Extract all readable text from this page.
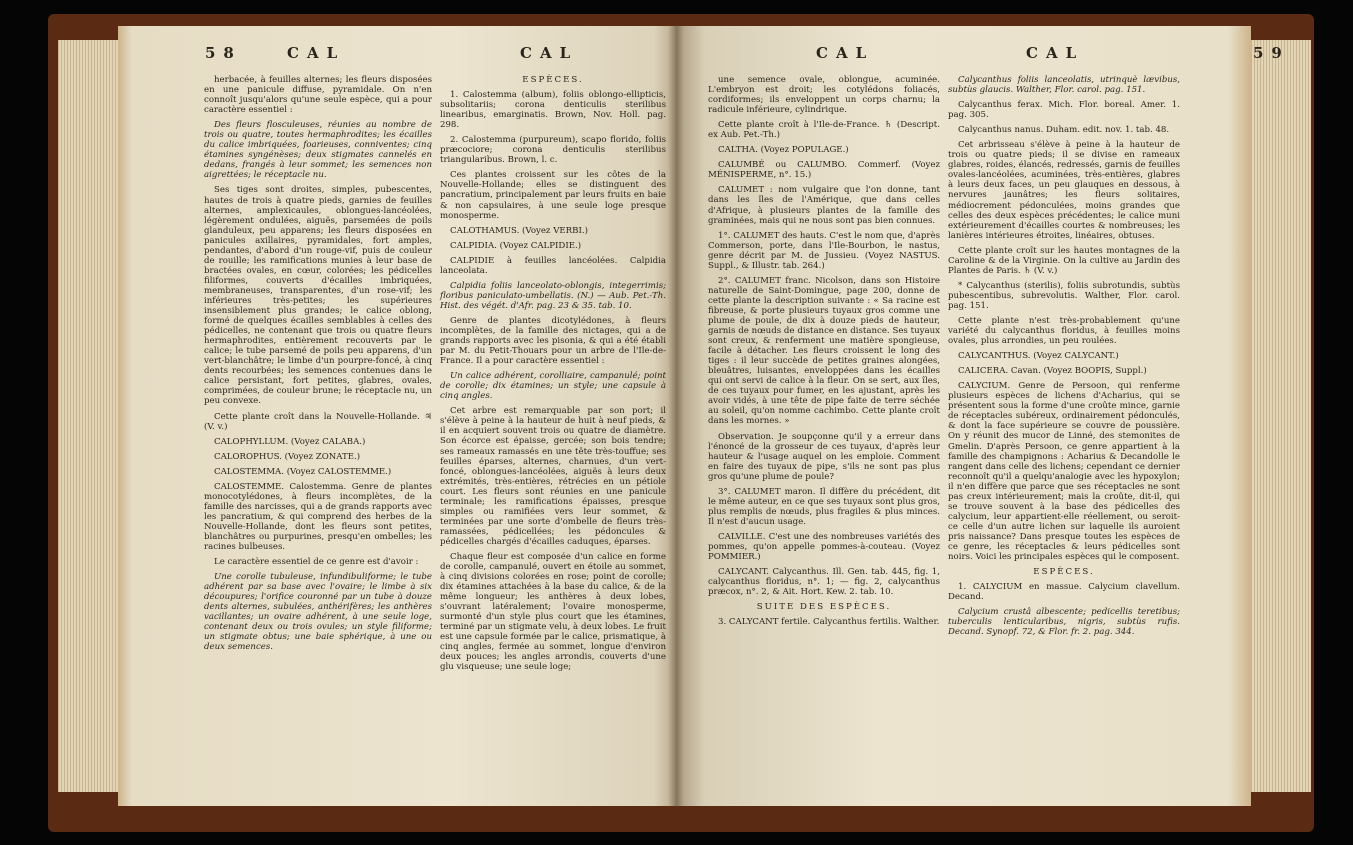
58	CAL	CAL	CAL	CAL	59

herbacée, à feuilles alternes; les fleurs disposées en une panicule diffuse, pyramidale. On n'en connoît jusqu'alors qu'une seule espèce, qui a pour caractère essentiel :

Des fleurs flosculeuses, réunies au nombre de trois ou quatre, toutes hermaphrodites; les écailles du calice imbriquées, foarieuses, conniventes; cinq étamines syngénèses; deux stigmates cannelés en dedans, frangés à leur sommet; les semences non aigrettées; le réceptacle nu.

Ses tiges sont droites, simples, pubescentes, hautes de trois à quatre pieds, garnies de feuilles alternes, amplexicaules, oblongues-lancéolées, légèrement ondulées, aiguës, parsemées de poils glanduleux, peu apparens; les fleurs disposées en panicules axillaires, pyramidales, fort amples, pendantes, d'abord d'un rouge-vif, puis de couleur de rouille; les ramifications munies à leur base de bractées ovales, en cœur, colorées; les pédicelles filiformes, couverts d'écailles imbriquées, membraneuses, transparentes, d'un rose-vif; les inférieures très-petites; les supérieures insensiblement plus grandes; le calice oblong, formé de quelques écailles semblables à celles des pédicelles, ne contenant que trois ou quatre fleurs hermaphrodites, entièrement recouverts par le calice; le tube parsemé de poils peu apparens, d'un vert-blanchâtre; le limbe d'un pourpre-foncé, à cinq dents recourbées; les semences contenues dans le calice persistant, fort petites, glabres, ovales, comprimées, de couleur brune; le réceptacle nu, un peu convexe.

Cette plante croît dans la Nouvelle-Hollande. ♃ (V. v.)

CALOPHYLLUM. (Voyez CALABA.)

CALOROPHUS. (Voyez ZONATE.)

CALOSTEMMA. (Voyez CALOSTEMME.)

CALOSTEMME. Calostemma. Genre de plantes monocotylédones, à fleurs incomplètes, de la famille des narcisses, qui a de grands rapports avec les pancratium, & qui comprend des herbes de la Nouvelle-Hollande, dont les fleurs sont petites, blanchâtres ou purpurines, presqu'en ombelles; les racines bulbeuses.

Le caractère essentiel de ce genre est d'avoir :

Une corolle tubuleuse, infundibuliforme; le tube adhérent par sa base avec l'ovaire; le limbe à six découpures; l'orifice couronné par un tube à douze dents alternes, subulées, anthérifères; les anthères vacillantes; un ovaire adhérent, à une seule loge, contenant deux ou trois ovules; un style filiforme; un stigmate obtus; une baie sphérique, à une ou deux semences.

ESPÈCES.

1. Calostemma (album), foliis oblongo-ellipticis, subsolitariis; corona denticulis sterilibus linearibus, emarginatis. Brown, Nov. Holl. pag. 298.

2. Calostemma (purpureum), scapo florido, foliis præcociore; corona denticulis sterilibus triangularibus. Brown, l. c.

Ces plantes croissent sur les côtes de la Nouvelle-Hollande; elles se distinguent des pancratium, principalement par leurs fruits en baie & non capsulaires, à une seule loge presque monosperme.

CALOTHAMUS. (Voyez VERBI.)

CALPIDIA. (Voyez CALPIDIE.)

CALPIDIE à feuilles lancéolées. Calpidia lanceolata.

Calpidia foliis lanceolato-oblongis, integerrimis; floribus paniculato-umbellatis. (N.) — Aub. Pet.-Th. Hist. des végét. d'Afr. pag. 23 & 35. tab. 10.

Genre de plantes dicotylédones, à fleurs incomplètes, de la famille des nictages, qui a de grands rapports avec les pisonia, & qui a été établi par M. du Petit-Thouars pour un arbre de l'Ile-de-France. Il a pour caractère essentiel :

Un calice adhérent, corolliaire, campanulé; point de corolle; dix étamines; un style; une capsule à cinq angles.

Cet arbre est remarquable par son port; il s'élève à peine à la hauteur de huit à neuf pieds, & il en acquiert souvent trois ou quatre de diamètre. Son écorce est épaisse, gercée; son bois tendre; ses rameaux ramassés en une tête très-touffue; ses feuilles éparses, alternes, charnues, d'un vert-foncé, oblongues-lancéolées, aiguës à leurs deux extrémités, très-entières, rétrécies en un pétiole court. Les fleurs sont réunies en une panicule terminale; les ramifications épaisses, presque simples ou ramifiées vers leur sommet, & terminées par une sorte d'ombelle de fleurs très-ramassées, pédicellées; les pédoncules & pédicelles chargés d'écailles caduques, éparses.

Chaque fleur est composée d'un calice en forme de corolle, campanulé, ouvert en étoile au sommet, à cinq divisions colorées en rose; point de corolle; dix étamines attachées à la base du calice, & de la même longueur; les anthères à deux lobes, s'ouvrant latéralement; l'ovaire monosperme, surmonté d'un style plus court que les étamines, terminé par un stigmate velu, à deux lobes. Le fruit est une capsule formée par le calice, prismatique, à cinq angles, fermée au sommet, longue d'environ deux pouces; les angles arrondis, couverts d'une glu visqueuse; une seule loge;

une semence ovale, oblongue, acuminée. L'embryon est droit; les cotylédons foliacés, cordiformes; ils enveloppent un corps charnu; la radicule inférieure, cylindrique.

Cette plante croît à l'Ile-de-France. ♄ (Descript. ex Aub. Pet.-Th.)

CALTHA. (Voyez POPULAGE.)

CALUMBÉ ou CALUMBO. Commerf. (Voyez MÉNISPERME, n°. 15.)

CALUMET : nom vulgaire que l'on donne, tant dans les îles de l'Amérique, que dans celles d'Afrique, à plusieurs plantes de la famille des graminées, mais qui ne nous sont pas bien connues.

1°. CALUMET des hauts. C'est le nom que, d'après Commerson, porte, dans l'Ile-Bourbon, le nastus, genre décrit par M. de Jussieu. (Voyez NASTUS. Suppl., & Illustr. tab. 264.)

2°. CALUMET franc. Nicolson, dans son Histoire naturelle de Saint-Domingue, page 200, donne de cette plante la description suivante : « Sa racine est fibreuse, & porte plusieurs tuyaux gros comme une plume de poule, de dix à douze pieds de hauteur, garnis de nœuds de distance en distance. Ses tuyaux sont creux, & renferment une matière spongieuse, facile à détacher. Les fleurs croissent le long des tiges : il leur succède de petites graines alongées, bleuâtres, luisantes, enveloppées dans les écailles qui ont servi de calice à la fleur. On se sert, aux îles, de ces tuyaux pour fumer, en les ajustant, après les avoir vidés, à une tête de pipe faite de terre séchée au soleil, qu'on nomme cachimbo. Cette plante croît dans les mornes. »

Observation. Je soupçonne qu'il y a erreur dans l'énoncé de la grosseur de ces tuyaux, d'après leur hauteur & l'usage auquel on les emploie. Comment en faire des tuyaux de pipe, s'ils ne sont pas plus gros qu'une plume de poule?

3°. CALUMET maron. Il diffère du précédent, dit le même auteur, en ce que ses tuyaux sont plus gros, plus remplis de nœuds, plus fragiles & plus minces. Il n'est d'aucun usage.

CALVILLE. C'est une des nombreuses variétés des pommes, qu'on appelle pommes-à-couteau. (Voyez POMMIER.)

CALYCANT. Calycanthus. Ill. Gen. tab. 445, fig. 1, calycanthus floridus, n°. 1; — fig. 2, calycanthus præcox, n°. 2, & Ait. Hort. Kew. 2. tab. 10.

SUITE DES ESPÈCES.

3. CALYCANT fertile. Calycanthus fertilis. Walther.

Calycanthus foliis lanceolatis, utrinquè lævibus, subtùs glaucis. Walther, Flor. carol. pag. 151.

Calycanthus ferax. Mich. Flor. boreal. Amer. 1. pag. 305.

Calycanthus nanus. Duham. edit. nov. 1. tab. 48.

Cet arbrisseau s'élève à peine à la hauteur de trois ou quatre pieds; il se divise en rameaux glabres, roides, élancés, redressés, garnis de feuilles ovales-lancéolées, acuminées, très-entières, glabres à leurs deux faces, un peu glauques en dessous, à nervures jaunâtres; les fleurs solitaires, médiocrement pédonculées, moins grandes que celles des deux espèces précédentes; le calice muni extérieurement d'écailles courtes & nombreuses; les lanières intérieures étroites, linéaires, obtuses.

Cette plante croît sur les hautes montagnes de la Caroline & de la Virginie. On la cultive au Jardin des Plantes de Paris. ♄ (V. v.)

* Calycanthus (sterilis), foliis subrotundis, subtùs pubescentibus, subrevolutis. Walther, Flor. carol. pag. 151.

Cette plante n'est très-probablement qu'une variété du calycanthus floridus, à feuilles moins ovales, plus arrondies, un peu roulées.

CALYCANTHUS. (Voyez CALYCANT.)

CALICERA. Cavan. (Voyez BOOPIS, Suppl.)

CALYCIUM. Genre de Persoon, qui renferme plusieurs espèces de lichens d'Acharius, qui se présentent sous la forme d'une croûte mince, garnie de réceptacles subéreux, ordinairement pédonculés, & dont la face supérieure se couvre de poussière. On y réunit des mucor de Linné, des stemonites de Gmelin. D'après Persoon, ce genre appartient à la famille des champignons : Acharius & Decandolle le rangent dans celle des lichens; cependant ce dernier reconnoît qu'il a quelqu'analogie avec les hypoxylon; il n'en diffère que parce que ses réceptacles ne sont pas creux intérieurement; mais la croûte, dit-il, qui se trouve souvent à la base des pédicelles des calycium, leur appartient-elle réellement, ou seroit-ce celle d'un autre lichen sur laquelle ils auroient pris naissance? Dans presque toutes les espèces de ce genre, les réceptacles & leurs pédicelles sont noirs. Voici les principales espèces qui le composent.

ESPÈCES.

1. CALYCIUM en massue. Calycium clavellum. Decand.

Calycium crustâ albescente; pedicellis teretibus; tuberculis lenticularibus, nigris, subtùs rufis. Decand. Synopf. 72, & Flor. fr. 2. pag. 344.
